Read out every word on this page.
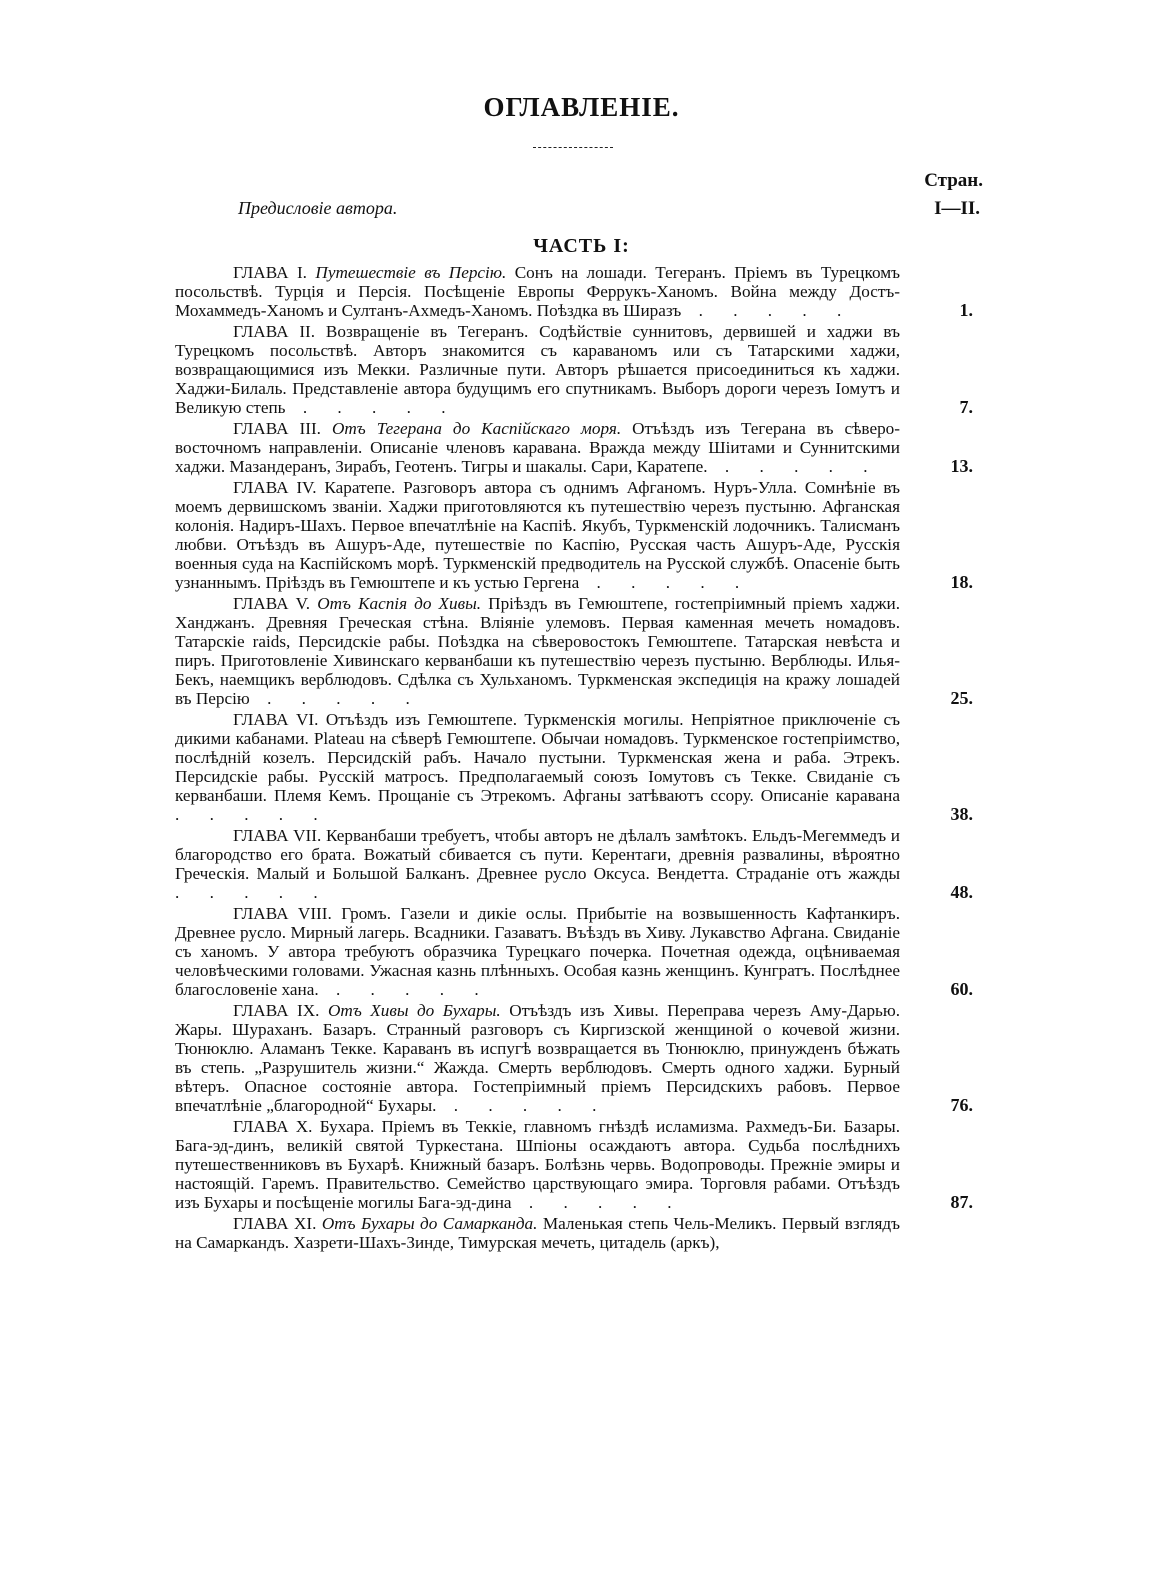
ОГЛАВЛЕНІЕ.
Стран.
Предисловіе автора.	I—II.
ЧАСТЬ I:
ГЛАВА I. Путешествіе въ Персію. Сонъ на лошади. Тегеранъ. Пріемъ въ Турецкомъ посольствѣ. Турція и Персія. Посѣщеніе Европы Феррукъ-Ханомъ. Война между Достъ-Мохаммедъ-Ханомъ и Султанъ-Ахмедъ-Ханомъ. Поѣздка въ Ширазъ . . . . .	1.
ГЛАВА II. Возвращеніе въ Тегеранъ. Содѣйствіе суннитовъ, дервишей и хаджи въ Турецкомъ посольствѣ. Авторъ знакомится съ караваномъ или съ Татарскими хаджи, возвращающимися изъ Мекки. Различные пути. Авторъ рѣшается присоединиться къ хаджи. Хаджи-Билаль. Представленіе автора будущимъ его спутникамъ. Выборъ дороги черезъ Іомутъ и Великую степь . . . . .	7.
ГЛАВА III. Отъ Тегерана до Каспійскаго моря. Отъѣздъ изъ Тегерана въ сѣверо-восточномъ направленіи. Описаніе членовъ каравана. Вражда между Шіитами и Суннитскими хаджи. Мазандеранъ, Зирабъ, Геотенъ. Тигры и шакалы. Сари, Каратепе. . . . . .	13.
ГЛАВА IV. Каратепе. Разговоръ автора съ однимъ Афганомъ. Нуръ-Улла. Сомнѣніе въ моемъ дервишскомъ званіи. Хаджи приготовляются къ путешествію черезъ пустыню. Афганская колонія. Надиръ-Шахъ. Первое впечатлѣніе на Каспіѣ. Якубъ, Туркменскій лодочникъ. Талисманъ любви. Отъѣздъ въ Ашуръ-Аде, путешествіе по Каспію, Русская часть Ашуръ-Аде, Русскія военныя суда на Каспійскомъ морѣ. Туркменскій предводитель на Русской службѣ. Опасеніе быть узнаннымъ. Пріѣздъ въ Гемюштепе и къ устью Гергена . . . . .	18.
ГЛАВА V. Отъ Каспія до Хивы. Пріѣздъ въ Гемюштепе, гостепріимный пріемъ хаджи. Ханджанъ. Древняя Греческая стѣна. Вліяніе улемовъ. Первая каменная мечеть номадовъ. Татарскіе raids, Персидскіе рабы. Поѣздка на сѣверовостокъ Гемюштепе. Татарская невѣста и пиръ. Приготовленіе Хивинскаго керванбаши къ путешествію черезъ пустыню. Верблюды. Илья-Бекъ, наемщикъ верблюдовъ. Сдѣлка съ Хульханомъ. Туркменская экспедиція на кражу лошадей въ Персію . . . . .	25.
ГЛАВА VI. Отъѣздъ изъ Гемюштепе. Туркменскія могилы. Непріятное приключеніе съ дикими кабанами. Plateau на сѣверѣ Гемюштепе. Обычаи номадовъ. Туркменское гостепріимство, послѣдній козелъ. Персидскій рабъ. Начало пустыни. Туркменская жена и раба. Этрекъ. Персидскіе рабы. Русскій матросъ. Предполагаемый союзъ Іомутовъ съ Текке. Свиданіе съ керванбаши. Племя Кемъ. Прощаніе съ Этрекомъ. Афганы затѣваютъ ссору. Описаніе каравана . . . . .	38.
ГЛАВА VII. Керванбаши требуетъ, чтобы авторъ не дѣлалъ замѣтокъ. Ельдъ-Мегеммедъ и благородство его брата. Вожатый сбивается съ пути. Керентаги, древнія развалины, вѣроятно Греческія. Малый и Большой Балканъ. Древнее русло Оксуса. Вендетта. Страданіе отъ жажды . . . . .	48.
ГЛАВА VIII. Громъ. Газели и дикіе ослы. Прибытіе на возвышенность Кафтанкиръ. Древнее русло. Мирный лагерь. Всадники. Газаватъ. Въѣздъ въ Хиву. Лукавство Афгана. Свиданіе съ ханомъ. У автора требуютъ образчика Турецкаго почерка. Почетная одежда, оцѣниваемая человѣческими головами. Ужасная казнь плѣнныхъ. Особая казнь женщинъ. Кунгратъ. Послѣднее благословеніе хана. . . . . .	60.
ГЛАВА IX. Отъ Хивы до Бухары. Отъѣздъ изъ Хивы. Переправа черезъ Аму-Дарью. Жары. Шураханъ. Базаръ. Странный разговоръ съ Киргизской женщиной о кочевой жизни. Тюнюклю. Аламанъ Текке. Караванъ въ испугѣ возвращается въ Тюнюклю, принужденъ бѣжать въ степь. „Разрушитель жизни.“ Жажда. Смерть верблюдовъ. Смерть одного хаджи. Бурный вѣтеръ. Опасное состояніе автора. Гостепріимный пріемъ Персидскихъ рабовъ. Первое впечатлѣніе „благородной“ Бухары. . . . . .	76.
ГЛАВА X. Бухара. Пріемъ въ Теккіе, главномъ гнѣздѣ исламизма. Рахмедъ-Би. Базары. Бага-эд-динъ, великій святой Туркестана. Шпіоны осаждаютъ автора. Судьба послѣднихъ путешественниковъ въ Бухарѣ. Книжный базаръ. Болѣзнь червь. Водопроводы. Прежніе эмиры и настоящій. Гаремъ. Правительство. Семейство царствующаго эмира. Торговля рабами. Отъѣздъ изъ Бухары и посѣщеніе могилы Бага-эд-дина . . . . .	87.
ГЛАВА XI. Отъ Бухары до Самарканда. Маленькая степь Чель-Меликъ. Первый взглядъ на Самаркандъ. Хазрети-Шахъ-Зинде, Тимурская мечеть, цитадель (аркъ),
